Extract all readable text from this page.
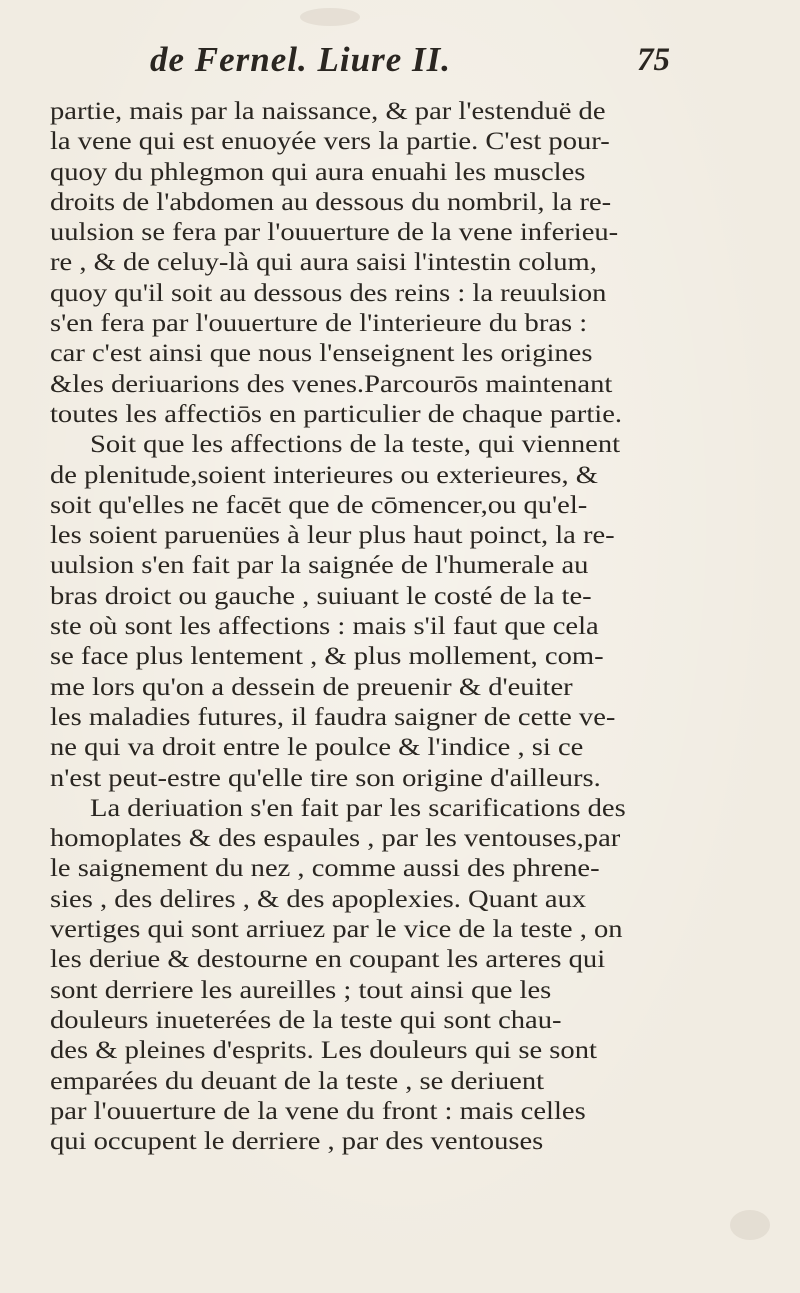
de Fernel. Liure II.	75
partie, mais par la naissance, & par l'estenduë de
la vene qui est enuoyée vers la partie. C'est pour-
quoy du phlegmon qui aura enuahi les muscles
droits de l'abdomen au dessous du nombril, la re-
uulsion se fera par l'ouuerture de la vene inferieu-
re , & de celuy-là qui aura saisi l'intestin colum,
quoy qu'il soit au dessous des reins : la reuulsion
s'en fera par l'ouuerture de l'interieure du bras :
car c'est ainsi que nous l'enseignent les origines
&les deriuarions des venes.Parcourōs maintenant
toutes les affectiōs en particulier de chaque partie.
Soit que les affections de la teste, qui viennent
de plenitude,soient interieures ou exterieures, &
soit qu'elles ne facēt que de cōmencer,ou qu'el-
les soient paruenües à leur plus haut poinct, la re-
uulsion s'en fait par la saignée de l'humerale au
bras droict ou gauche , suiuant le costé de la te-
ste où sont les affections : mais s'il faut que cela
se face plus lentement , & plus mollement, com-
me lors qu'on a dessein de preuenir & d'euiter
les maladies futures, il faudra saigner de cette ve-
ne qui va droit entre le poulce & l'indice , si ce
n'est peut-estre qu'elle tire son origine d'ailleurs.
La deriuation s'en fait par les scarifications des
homoplates & des espaules , par les ventouses,par
le saignement du nez , comme aussi des phrene-
sies , des delires , & des apoplexies. Quant aux
vertiges qui sont arriuez par le vice de la teste , on
les deriue & destourne en coupant les arteres qui
sont derriere les aureilles ; tout ainsi que les
douleurs inueterées de la teste qui sont chau-
des & pleines d'esprits. Les douleurs qui se sont
emparées du deuant de la teste , se deriuent
par l'ouuerture de la vene du front : mais celles
qui occupent le derriere , par des ventouses
